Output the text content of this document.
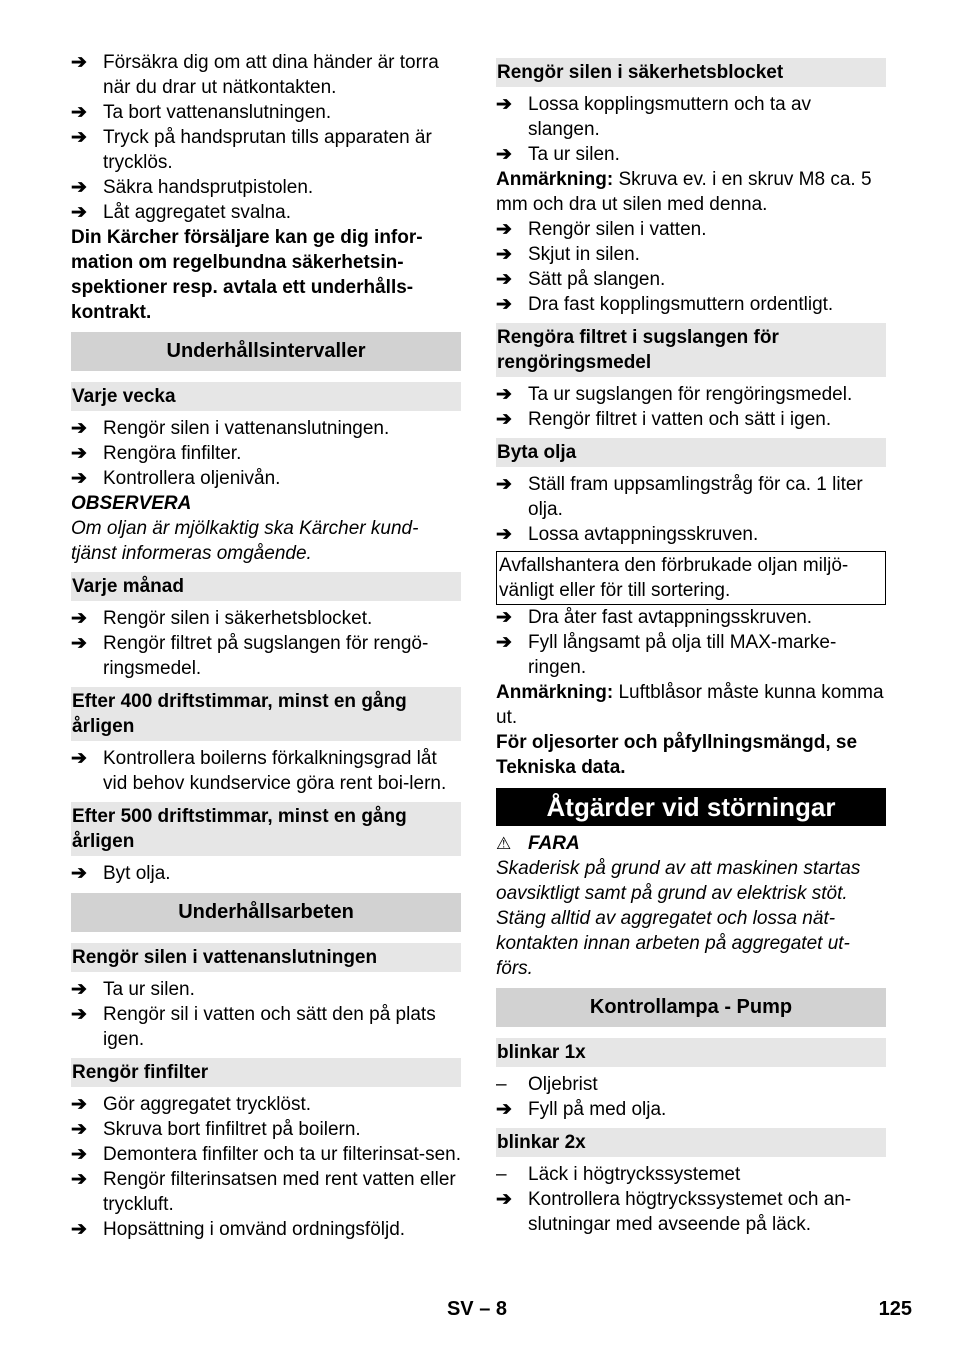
➔ Försäkra dig om att dina händer är torra när du drar ut nätkontakten.
➔ Ta bort vattenanslutningen.
➔ Tryck på handsprutan tills apparaten är trycklös.
➔ Säkra handsprutpistolen.
➔ Låt aggregatet svalna.
Din Kärcher försäljare kan ge dig infor-mation om regelbundna säkerhetsin-spektioner resp. avtala ett underhålls-kontrakt.
Underhållsintervaller
Varje vecka
➔ Rengör silen i vattenanslutningen.
➔ Rengöra finfilter.
➔ Kontrollera oljenivån.
OBSERVERA
Om oljan är mjölkaktig ska Kärcher kund-tjänst informeras omgående.
Varje månad
➔ Rengör silen i säkerhetsblocket.
➔ Rengör filtret på sugslangen för rengö-ringsmedel.
Efter 400 driftstimmar, minst en gång årligen
➔ Kontrollera boilerns förkalkningsgrad låt vid behov kundservice göra rent boi-lern.
Efter 500 driftstimmar, minst en gång årligen
➔ Byt olja.
Underhållsarbeten
Rengör silen i vattenanslutningen
➔ Ta ur silen.
➔ Rengör sil i vatten och sätt den på plats igen.
Rengör finfilter
➔ Gör aggregatet trycklöst.
➔ Skruva bort finfiltret på boilern.
➔ Demontera finfilter och ta ur filterinsat-sen.
➔ Rengör filterinsatsen med rent vatten eller tryckluft.
➔ Hopsättning i omvänd ordningsföljd.
Rengör silen i säkerhetsblocket
➔ Lossa kopplingsmuttern och ta av slangen.
➔ Ta ur silen.
Anmärkning: Skruva ev. i en skruv M8 ca. 5 mm och dra ut silen med denna.
➔ Rengör silen i vatten.
➔ Skjut in silen.
➔ Sätt på slangen.
➔ Dra fast kopplingsmuttern ordentligt.
Rengöra filtret i sugslangen för rengöringsmedel
➔ Ta ur sugslangen för rengöringsmedel.
➔ Rengör filtret i vatten och sätt i igen.
Byta olja
➔ Ställ fram uppsamlingstråg för ca. 1 liter olja.
➔ Lossa avtappningsskruven.
Avfallshantera den förbrukade oljan miljö-vänligt eller för till sortering.
➔ Dra åter fast avtappningsskruven.
➔ Fyll långsamt på olja till MAX-marke-ringen.
Anmärkning: Luftblåsor måste kunna komma ut.
För oljesorter och påfyllningsmängd, se Tekniska data.
Åtgärder vid störningar
⚠ FARA
Skaderisk på grund av att maskinen startas oavsiktligt samt på grund av elektrisk stöt. Stäng alltid av aggregatet och lossa nät-kontakten innan arbeten på aggregatet ut-förs.
Kontrollampa - Pump
blinkar 1x
–	Oljebrist
➔ Fyll på med olja.
blinkar 2x
–	Läck i högtryckssystemet
➔ Kontrollera högtryckssystemet och an-slutningar med avseende på läck.
SV – 8	125
